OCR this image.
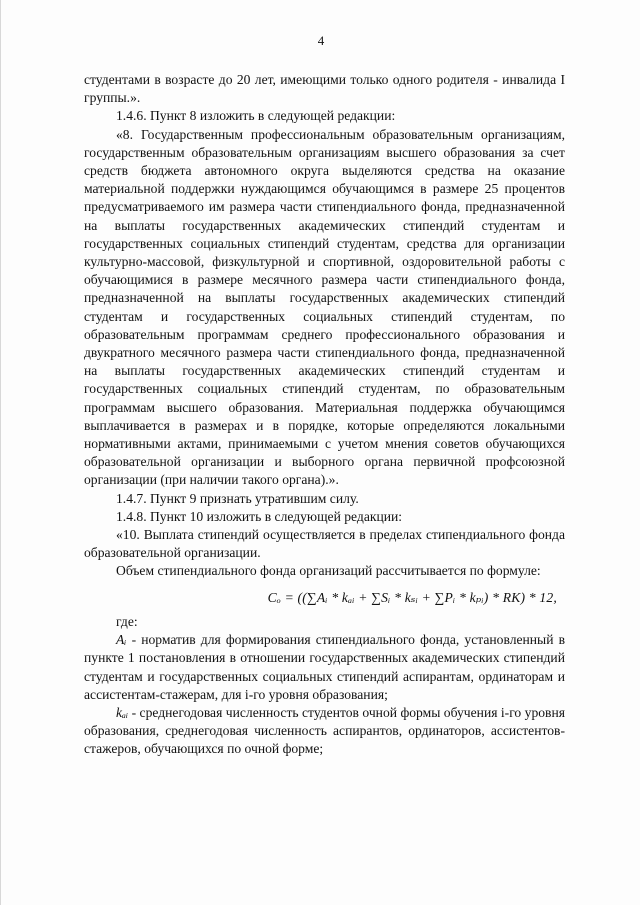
4

студентами в возрасте до 20 лет, имеющими только одного родителя - инвалида I группы.».

1.4.6. Пункт 8 изложить в следующей редакции:

«8. Государственным профессиональным образовательным организациям, государственным образовательным организациям высшего образования за счет средств бюджета автономного округа выделяются средства на оказание материальной поддержки нуждающимся обучающимся в размере 25 процентов предусматриваемого им размера части стипендиального фонда, предназначенной на выплаты государственных академических стипендий студентам и государственных социальных стипендий студентам, средства для организации культурно-массовой, физкультурной и спортивной, оздоровительной работы с обучающимися в размере месячного размера части стипендиального фонда, предназначенной на выплаты государственных академических стипендий студентам и государственных социальных стипендий студентам, по образовательным программам среднего профессионального образования и двукратного месячного размера части стипендиального фонда, предназначенной на выплаты государственных академических стипендий студентам и государственных социальных стипендий студентам, по образовательным программам высшего образования. Материальная поддержка обучающимся выплачивается в размерах и в порядке, которые определяются локальными нормативными актами, принимаемыми с учетом мнения советов обучающихся образовательной организации и выборного органа первичной профсоюзной организации (при наличии такого органа).».

1.4.7. Пункт 9 признать утратившим силу.

1.4.8. Пункт 10 изложить в следующей редакции:

«10. Выплата стипендий осуществляется в пределах стипендиального фонда образовательной организации.

Объем стипендиального фонда организаций рассчитывается по формуле:

Cₒ = ((∑Aᵢ * kₐᵢ + ∑Sᵢ * kₛᵢ + ∑Pᵢ * kₚᵢ) * RK) * 12,

где:

Aᵢ - норматив для формирования стипендиального фонда, установленный в пункте 1 постановления в отношении государственных академических стипендий студентам и государственных социальных стипендий аспирантам, ординаторам и ассистентам-стажерам, для i-го уровня образования;

kₐᵢ - среднегодовая численность студентов очной формы обучения i-го уровня образования, среднегодовая численность аспирантов, ординаторов, ассистентов-стажеров, обучающихся по очной форме;
